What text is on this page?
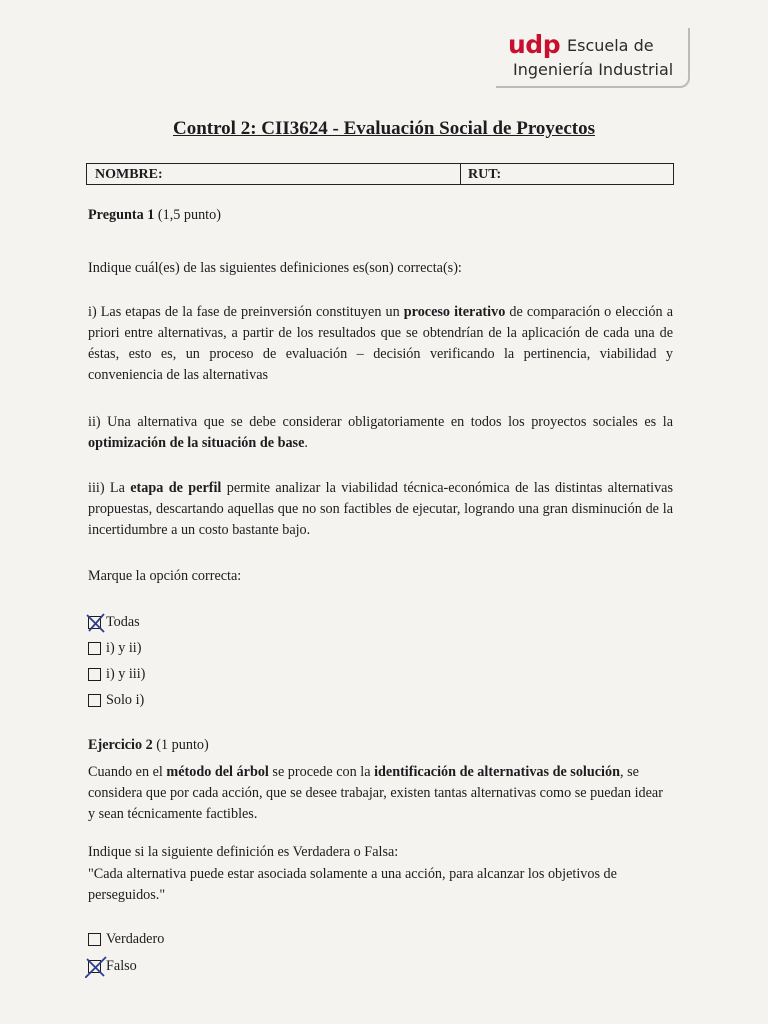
udp Escuela de
Ingeniería Industrial
Control 2: CII3624 - Evaluación Social de Proyectos
NOMBRE:	RUT:
Pregunta 1 (1,5 punto)
Indique cuál(es) de las siguientes definiciones es(son) correcta(s):
i) Las etapas de la fase de preinversión constituyen un proceso iterativo de comparación o elección a priori entre alternativas, a partir de los resultados que se obtendrían de la aplicación de cada una de éstas, esto es, un proceso de evaluación – decisión verificando la pertinencia, viabilidad y conveniencia de las alternativas
ii) Una alternativa que se debe considerar obligatoriamente en todos los proyectos sociales es la optimización de la situación de base.
iii) La etapa de perfil permite analizar la viabilidad técnica-económica de las distintas alternativas propuestas, descartando aquellas que no son factibles de ejecutar, logrando una gran disminución de la incertidumbre a un costo bastante bajo.
Marque la opción correcta:
Todas
i) y ii)
i) y iii)
Solo i)
Ejercicio 2 (1 punto)
Cuando en el método del árbol se procede con la identificación de alternativas de solución, se considera que por cada acción, que se desee trabajar, existen tantas alternativas como se puedan idear y sean técnicamente factibles.
Indique si la siguiente definición es Verdadera o Falsa:
"Cada alternativa puede estar asociada solamente a una acción, para alcanzar los objetivos de perseguidos."
Verdadero
Falso
